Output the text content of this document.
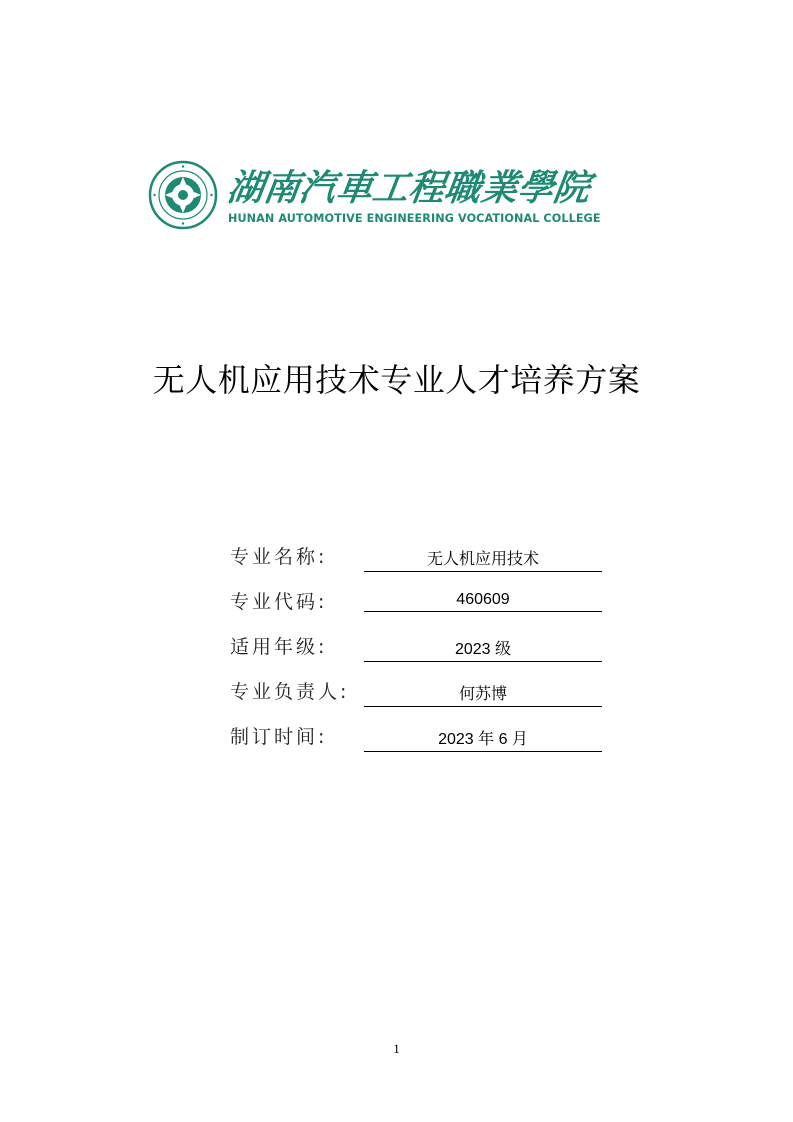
湖
南
汽
車
工
程
職
業
學
院
HUNAN AUTOMOTIVE ENGINEERING VOCATIONAL COLLEGE
无人机应用技术专业人才培养方案
专业名称:	无人机应用技术
专业代码:	460609
适用年级:	2023 级
专业负责人:	何苏博
制订时间:	2023 年 6 月
1
